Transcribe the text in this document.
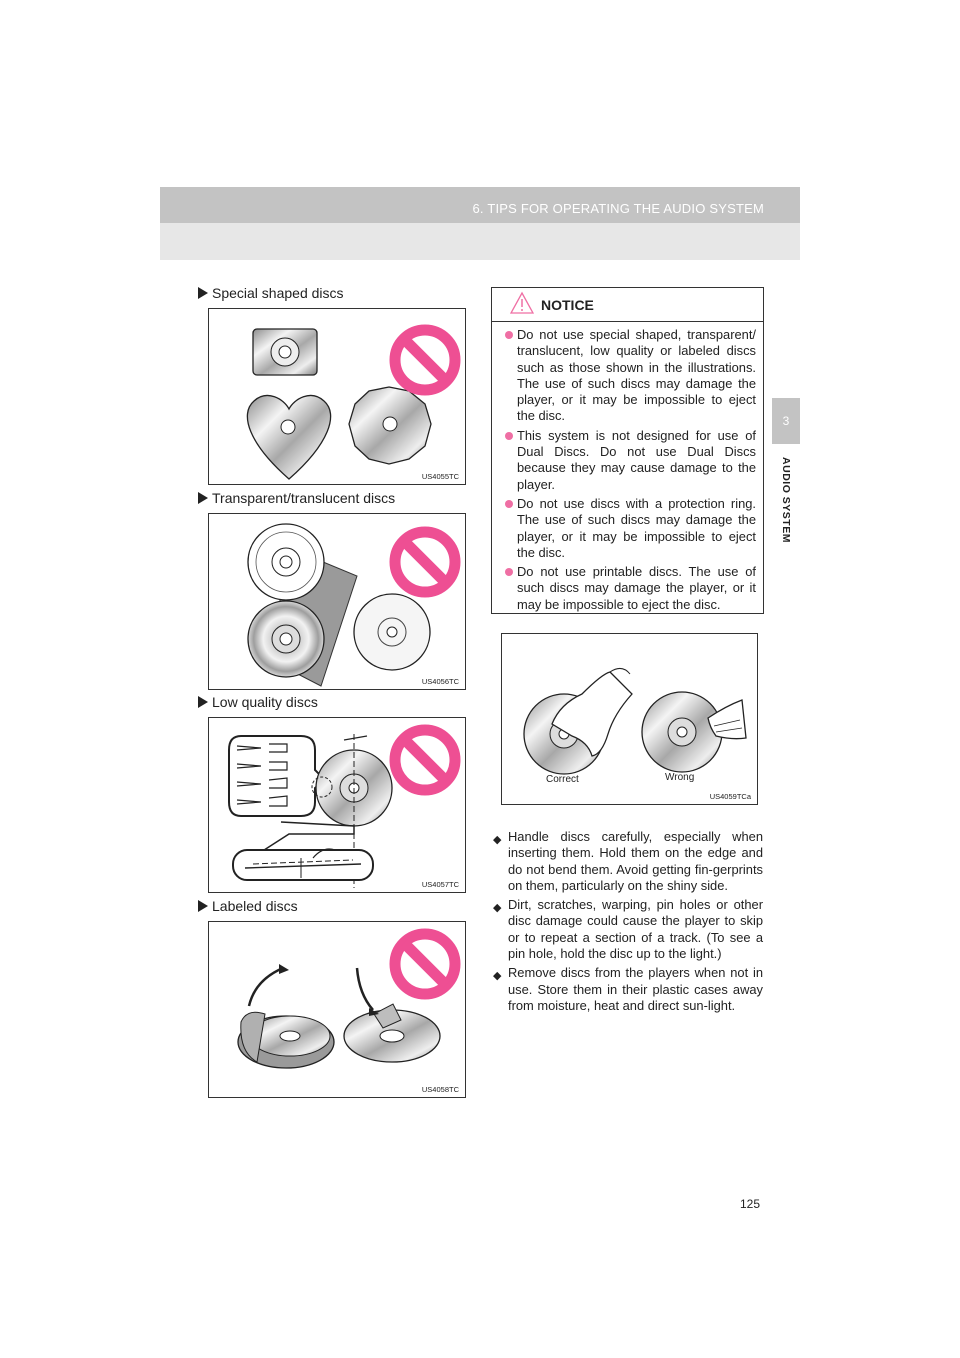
6. TIPS FOR OPERATING THE AUDIO SYSTEM
3
AUDIO SYSTEM
Special shaped discs
US4055TC
Transparent/translucent discs
US4056TC
Low quality discs
US4057TC
Labeled discs
US4058TC
NOTICE
Do not use special shaped, transparent/ translucent, low quality or labeled discs such as those shown in the illustrations. The use of such discs may damage the player, or it may be impossible to eject the disc.
This system is not designed for use of Dual Discs. Do not use Dual Discs because they may cause damage to the player.
Do not use discs with a protection ring. The use of such discs may damage the player, or it may be impossible to eject the disc.
Do not use printable discs. The use of such discs may damage the player, or it may be impossible to eject the disc.
Correct	Wrong
US4059TCa
◆ Handle discs carefully, especially when inserting them. Hold them on the edge and do not bend them. Avoid getting fin-gerprints on them, particularly on the shiny side.
◆ Dirt, scratches, warping, pin holes or other disc damage could cause the player to skip or to repeat a section of a track. (To see a pin hole, hold the disc up to the light.)
◆ Remove discs from the players when not in use. Store them in their plastic cases away from moisture, heat and direct sun-light.
125
